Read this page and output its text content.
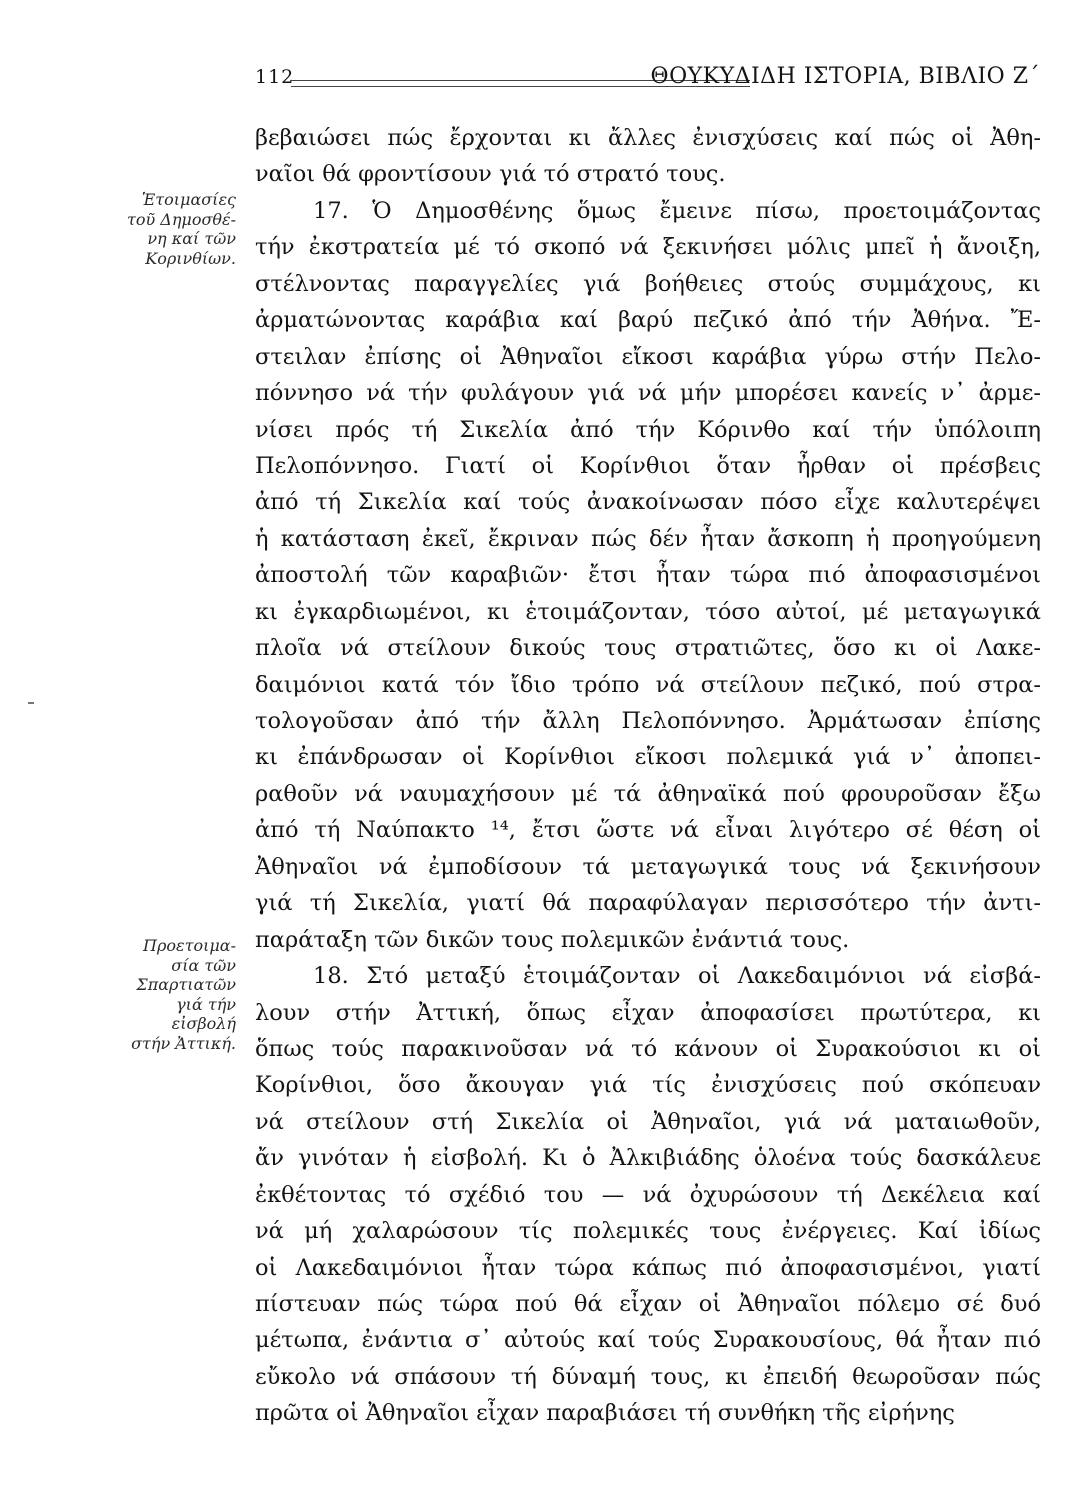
112	ΘΟΥΚΥΔΙΔΗ ΙΣΤΟΡΙΑ, ΒΙΒΛΙΟ Ζ΄
Ἑτοιμασίες
τοῦ Δημοσθέ-
νη καί τῶν
Κορινθίων.
Προετοιμα-
σία τῶν
Σπαρτιατῶν
γιά τήν
εἰσβολή
στήν Ἀττική.
βεβαιώσει πώς ἔρχονται κι ἄλλες ἐνισχύσεις καί πώς οἱ Ἀθη-
ναῖοι θά φροντίσουν γιά τό στρατό τους.
17. Ὁ Δημοσθένης ὅμως ἔμεινε πίσω, προετοιμάζοντας
τήν ἐκστρατεία μέ τό σκοπό νά ξεκινήσει μόλις μπεῖ ἡ ἄνοιξη,
στέλνοντας παραγγελίες γιά βοήθειες στούς συμμάχους, κι
ἀρματώνοντας καράβια καί βαρύ πεζικό ἀπό τήν Ἀθήνα. Ἔ-
στειλαν ἐπίσης οἱ Ἀθηναῖοι εἴκοσι καράβια γύρω στήν Πελο-
πόννησο νά τήν φυλάγουν γιά νά μήν μπορέσει κανείς ν᾽ ἀρμε-
νίσει πρός τή Σικελία ἀπό τήν Κόρινθο καί τήν ὑπόλοιπη
Πελοπόννησο. Γιατί οἱ Κορίνθιοι ὅταν ἦρθαν οἱ πρέσβεις
ἀπό τή Σικελία καί τούς ἀνακοίνωσαν πόσο εἶχε καλυτερέψει
ἡ κατάσταση ἐκεῖ, ἔκριναν πώς δέν ἦταν ἄσκοπη ἡ προηγούμενη
ἀποστολή τῶν καραβιῶν· ἔτσι ἦταν τώρα πιό ἀποφασισμένοι
κι ἐγκαρδιωμένοι, κι ἑτοιμάζονταν, τόσο αὐτοί, μέ μεταγωγικά
πλοῖα νά στείλουν δικούς τους στρατιῶτες, ὅσο κι οἱ Λακε-
δαιμόνιοι κατά τόν ἴδιο τρόπο νά στείλουν πεζικό, πού στρα-
τολογοῦσαν ἀπό τήν ἄλλη Πελοπόννησο. Ἀρμάτωσαν ἐπίσης
κι ἐπάνδρωσαν οἱ Κορίνθιοι εἴκοσι πολεμικά γιά ν᾽ ἀποπει-
ραθοῦν νά ναυμαχήσουν μέ τά ἀθηναϊκά πού φρουροῦσαν ἔξω
ἀπό τή Ναύπακτο ¹⁴, ἔτσι ὥστε νά εἶναι λιγότερο σέ θέση οἱ
Ἀθηναῖοι νά ἐμποδίσουν τά μεταγωγικά τους νά ξεκινήσουν
γιά τή Σικελία, γιατί θά παραφύλαγαν περισσότερο τήν ἀντι-
παράταξη τῶν δικῶν τους πολεμικῶν ἐνάντιά τους.
18. Στό μεταξύ ἑτοιμάζονταν οἱ Λακεδαιμόνιοι νά εἰσβά-
λουν στήν Ἀττική, ὅπως εἶχαν ἀποφασίσει πρωτύτερα, κι
ὅπως τούς παρακινοῦσαν νά τό κάνουν οἱ Συρακούσιοι κι οἱ
Κορίνθιοι, ὅσο ἄκουγαν γιά τίς ἐνισχύσεις πού σκόπευαν
νά στείλουν στή Σικελία οἱ Ἀθηναῖοι, γιά νά ματαιωθοῦν,
ἄν γινόταν ἡ εἰσβολή. Κι ὁ Ἀλκιβιάδης ὁλοένα τούς δασκάλευε
ἐκθέτοντας τό σχέδιό του — νά ὀχυρώσουν τή Δεκέλεια καί
νά μή χαλαρώσουν τίς πολεμικές τους ἐνέργειες. Καί ἰδίως
οἱ Λακεδαιμόνιοι ἦταν τώρα κάπως πιό ἀποφασισμένοι, γιατί
πίστευαν πώς τώρα πού θά εἶχαν οἱ Ἀθηναῖοι πόλεμο σέ δυό
μέτωπα, ἐνάντια σ᾽ αὐτούς καί τούς Συρακουσίους, θά ἦταν πιό
εὔκολο νά σπάσουν τή δύναμή τους, κι ἐπειδή θεωροῦσαν πώς
πρῶτα οἱ Ἀθηναῖοι εἶχαν παραβιάσει τή συνθήκη τῆς εἰρήνης
